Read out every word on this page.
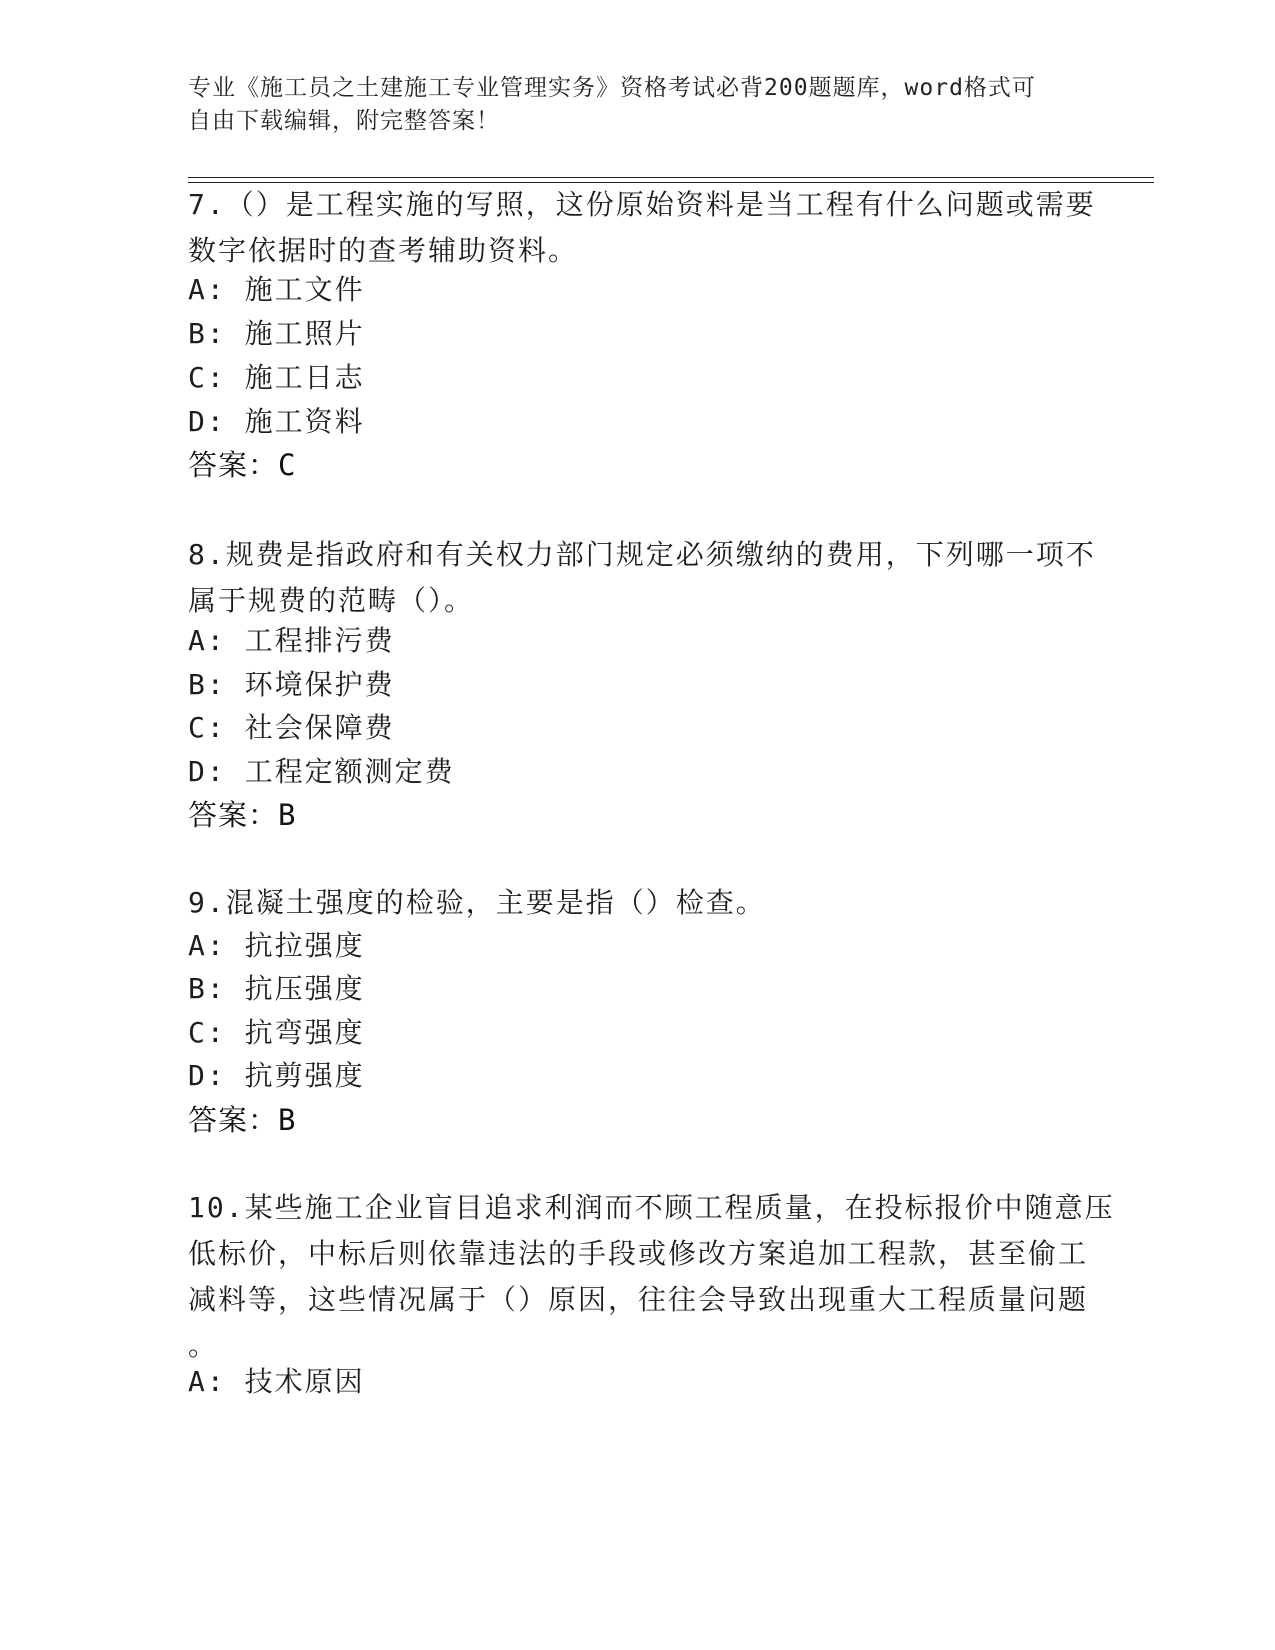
专业《施工员之土建施工专业管理实务》资格考试必背200题题库，word格式可
自由下载编辑，附完整答案！
7.（）是工程实施的写照，这份原始资料是当工程有什么问题或需要
数字依据时的查考辅助资料。
A: 施工文件
B: 施工照片
C: 施工日志
D: 施工资料
答案：C
8.规费是指政府和有关权力部门规定必须缴纳的费用，下列哪一项不
属于规费的范畴（）。
A: 工程排污费
B: 环境保护费
C: 社会保障费
D: 工程定额测定费
答案：B
9.混凝土强度的检验，主要是指（）检查。
A: 抗拉强度
B: 抗压强度
C: 抗弯强度
D: 抗剪强度
答案：B
10.某些施工企业盲目追求利润而不顾工程质量，在投标报价中随意压
低标价，中标后则依靠违法的手段或修改方案追加工程款，甚至偷工
减料等，这些情况属于（）原因，往往会导致出现重大工程质量问题
。
A: 技术原因
